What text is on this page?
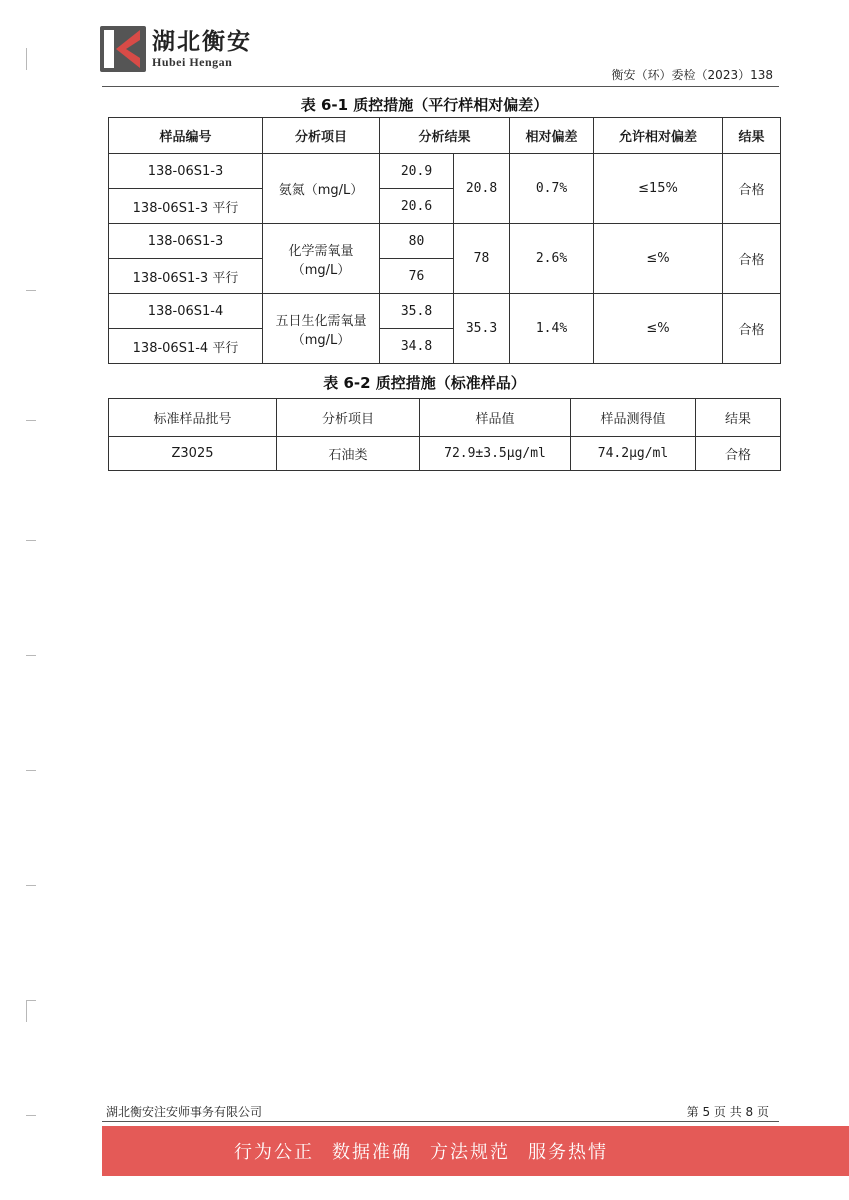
湖北衡安
Hubei Hengan
衡安（环）委检（2023）138
表 6-1 质控措施（平行样相对偏差）
样品编号	分析项目	分析结果		相对偏差	允许相对偏差	结果
138-06S1-3	氨氮（mg/L）	20.9	20.8	0.7%	≤15%	合格
138-06S1-3 平行		20.6				
138-06S1-3	化学需氧量（mg/L）	80	78	2.6%	≤%	合格
138-06S1-3 平行		76				
138-06S1-4	五日生化需氧量（mg/L）	35.8	35.3	1.4%	≤%	合格
138-06S1-4 平行		34.8				
表 6-2 质控措施（标准样品）
标准样品批号	分析项目	样品值	样品测得值	结果
Z3025	石油类	72.9±3.5μg/ml	74.2μg/ml	合格
湖北衡安注安师事务有限公司	第 5 页 共 8 页
行为公正 数据准确 方法规范 服务热情
